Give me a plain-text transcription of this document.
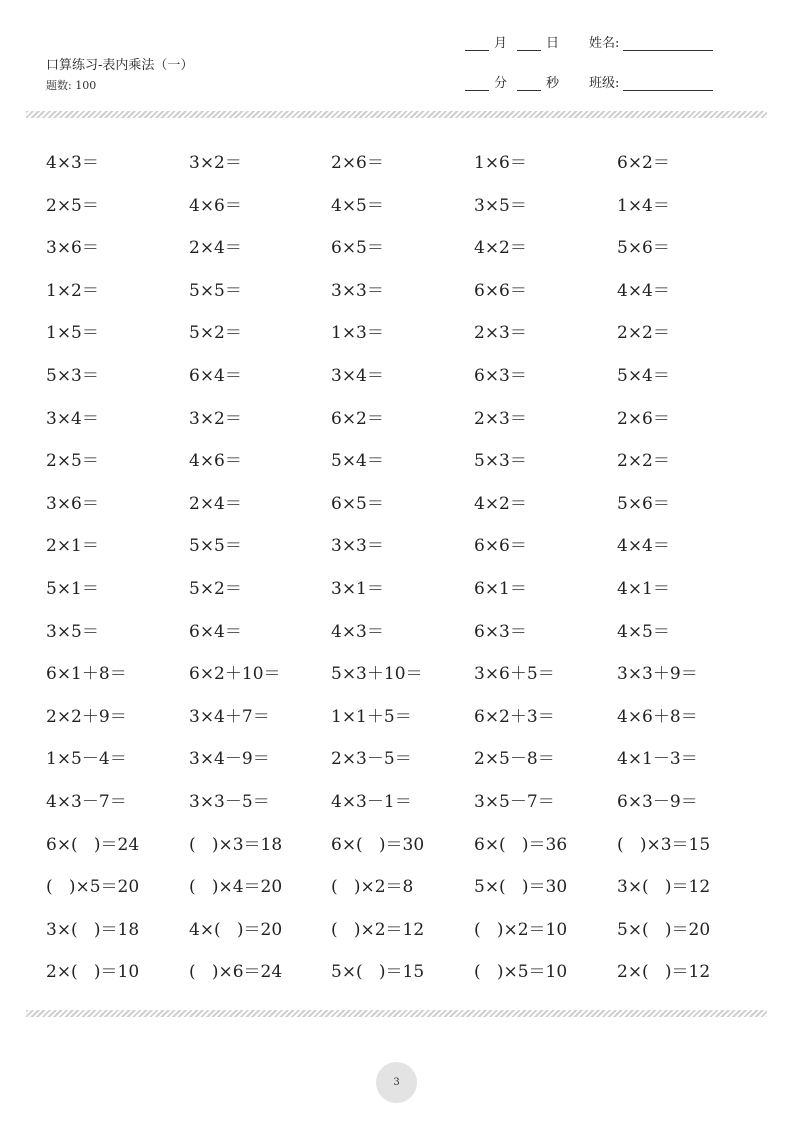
口算练习-表内乘法（一）
题数: 100
月	日
分	秒
姓名:
班级:
4×3＝	3×2＝	2×6＝	1×6＝	6×2＝
2×5＝	4×6＝	4×5＝	3×5＝	1×4＝
3×6＝	2×4＝	6×5＝	4×2＝	5×6＝
1×2＝	5×5＝	3×3＝	6×6＝	4×4＝
1×5＝	5×2＝	1×3＝	2×3＝	2×2＝
5×3＝	6×4＝	3×4＝	6×3＝	5×4＝
3×4＝	3×2＝	6×2＝	2×3＝	2×6＝
2×5＝	4×6＝	5×4＝	5×3＝	2×2＝
3×6＝	2×4＝	6×5＝	4×2＝	5×6＝
2×1＝	5×5＝	3×3＝	6×6＝	4×4＝
5×1＝	5×2＝	3×1＝	6×1＝	4×1＝
3×5＝	6×4＝	4×3＝	6×3＝	4×5＝
6×1＋8＝	6×2＋10＝	5×3＋10＝	3×6＋5＝	3×3＋9＝
2×2＋9＝	3×4＋7＝	1×1＋5＝	6×2＋3＝	4×6＋8＝
1×5－4＝	3×4－9＝	2×3－5＝	2×5－8＝	4×1－3＝
4×3－7＝	3×3－5＝	4×3－1＝	3×5－7＝	6×3－9＝
6×(   )＝24	(   )×3＝18	6×(   )＝30	6×(   )＝36	(   )×3＝15
(   )×5＝20	(   )×4＝20	(   )×2＝8	5×(   )＝30	3×(   )＝12
3×(   )＝18	4×(   )＝20	(   )×2＝12	(   )×2＝10	5×(   )＝20
2×(   )＝10	(   )×6＝24	5×(   )＝15	(   )×5＝10	2×(   )＝12
3
